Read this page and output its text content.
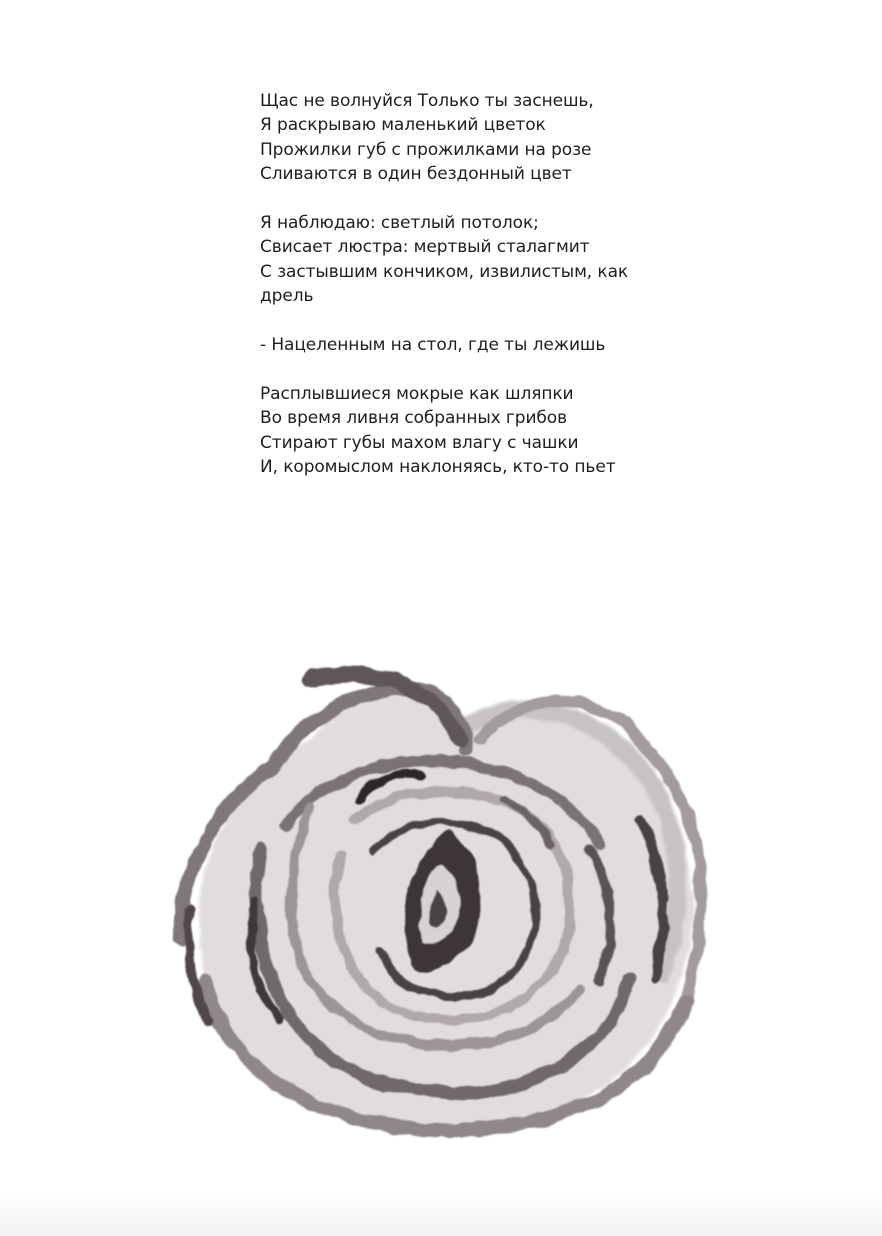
Щас не волнуйся Только ты заснешь,
Я раскрываю маленький цветок
Прожилки губ с прожилками на розе
Сливаются в один бездонный цвет
Я наблюдаю: светлый потолок;
Свисает люстра: мертвый сталагмит
С застывшим кончиком, извилистым, как дрель
- Нацеленным на стол, где ты лежишь
Расплывшиеся мокрые как шляпки
Во время ливня собранных грибов
Стирают губы махом влагу с чашки
И, коромыслом наклоняясь, кто-то пьет
